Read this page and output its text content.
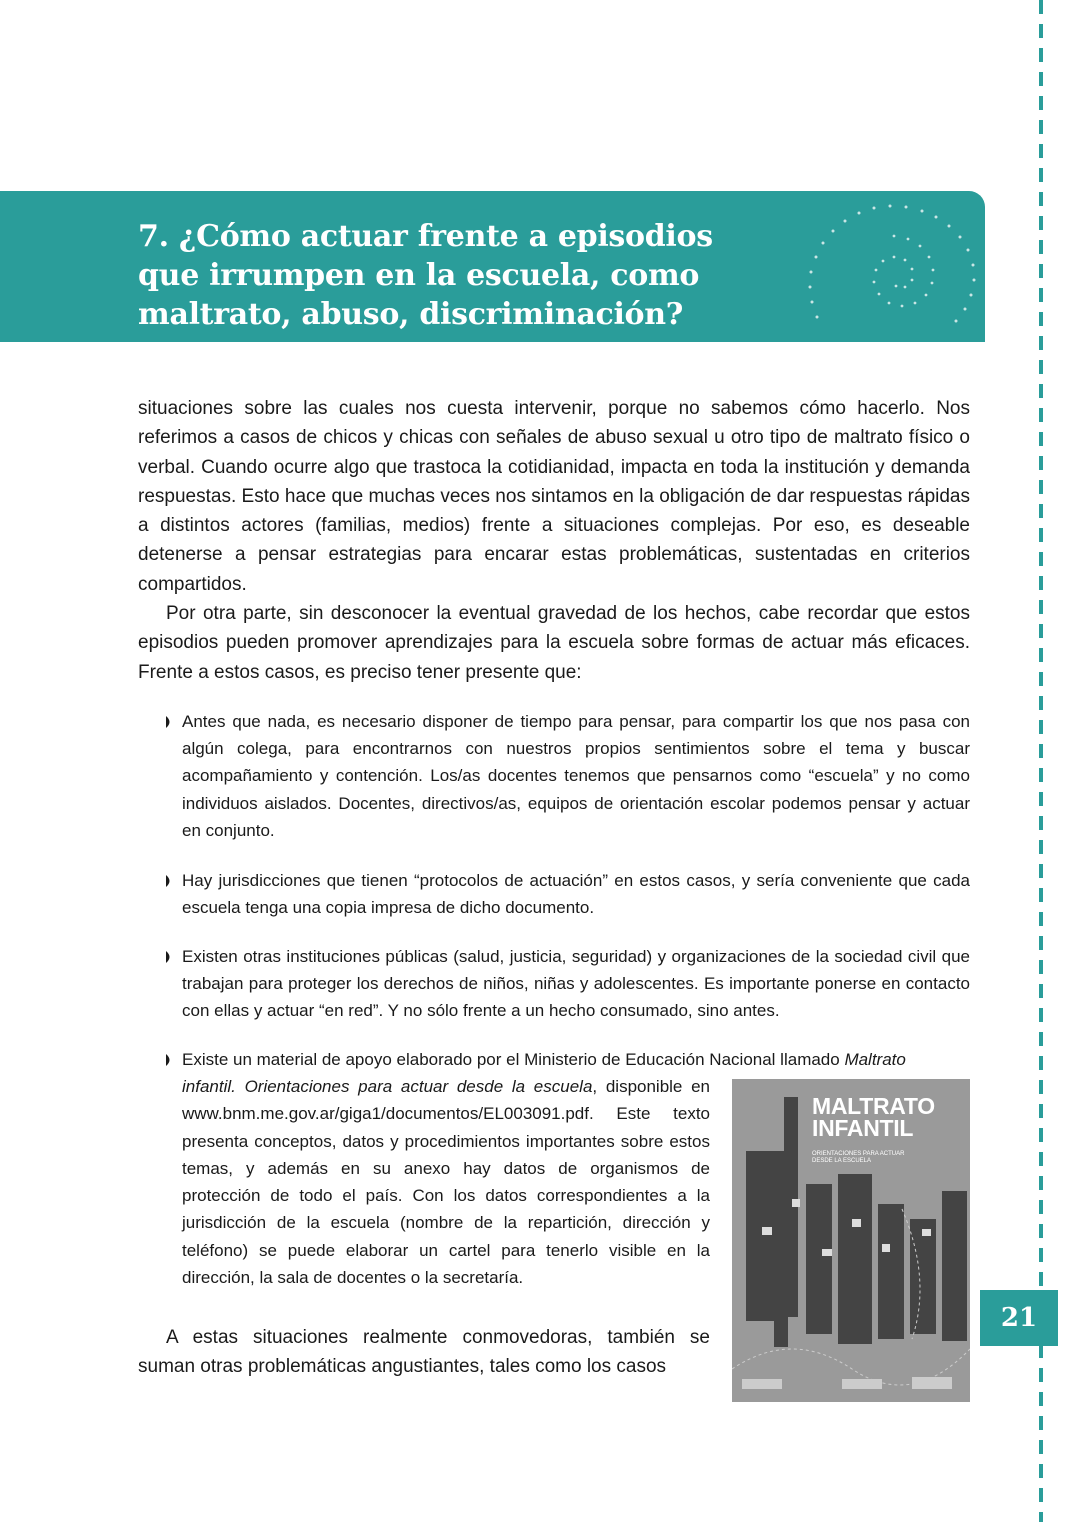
7. ¿Cómo actuar frente a episodios que irrumpen en la escuela, como maltrato, abuso, discriminación?

situaciones sobre las cuales nos cuesta intervenir, porque no sabemos cómo hacerlo. Nos referimos a casos de chicos y chicas con señales de abuso sexual u otro tipo de maltrato físico o verbal. Cuando ocurre algo que trastoca la cotidianidad, impacta en toda la institución y demanda respuestas. Esto hace que muchas veces nos sintamos en la obligación de dar respuestas rápidas a distintos actores (familias, medios) frente a situaciones complejas. Por eso, es deseable detenerse a pensar estrategias para encarar estas problemáticas, sustentadas en criterios compartidos.

Por otra parte, sin desconocer la eventual gravedad de los hechos, cabe recordar que estos episodios pueden promover aprendizajes para la escuela sobre formas de actuar más eficaces. Frente a estos casos, es preciso tener presente que:

Antes que nada, es necesario disponer de tiempo para pensar, para compartir los que nos pasa con algún colega, para encontrarnos con nuestros propios sentimientos sobre el tema y buscar acompañamiento y contención. Los/as docentes tenemos que pensarnos como “escuela” y no como individuos aislados. Docentes, directivos/as, equipos de orientación escolar podemos pensar y actuar en conjunto.
Hay jurisdicciones que tienen “protocolos de actuación” en estos casos, y sería conveniente que cada escuela tenga una copia impresa de dicho documento.
Existen otras instituciones públicas (salud, justicia, seguridad) y organizaciones de la sociedad civil que trabajan para proteger los derechos de niños, niñas y adolescentes. Es importante ponerse en contacto con ellas y actuar “en red”. Y no sólo frente a un hecho consumado, sino antes.
Existe un material de apoyo elaborado por el Ministerio de Educación Nacional llamado Maltrato
infantil. Orientaciones para actuar desde la escuela, disponible en www.bnm.me.gov.ar/giga1/documentos/EL003091.pdf. Este texto presenta conceptos, datos y procedimientos importantes sobre estos temas, y además en su anexo hay datos de organismos de protección de todo el país. Con los datos correspondientes a la jurisdicción de la escuela (nombre de la repartición, dirección y teléfono) se puede elaborar un cartel para tenerlo visible en la dirección, la sala de docentes o la secretaría.
MALTRATO
INFANTIL
ORIENTACIONES PARA ACTUAR DESDE LA ESCUELA

A estas situaciones realmente conmovedoras, también se suman otras problemáticas angustiantes, tales como los casos

21
